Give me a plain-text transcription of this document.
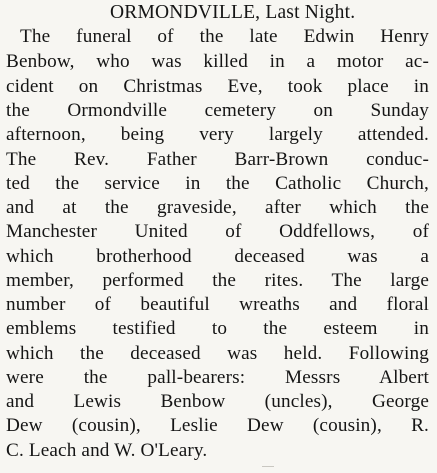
ORMONDVILLE, Last Night.
The funeral of the late Edwin Henry
Benbow, who was killed in a motor ac-
cident on Christmas Eve, took place in
the Ormondville cemetery on Sunday
afternoon, being very largely attended.
The Rev. Father Barr-Brown conduc-
ted the service in the Catholic Church,
and at the graveside, after which the
Manchester United of Oddfellows, of
which brotherhood deceased was a
member, performed the rites. The large
number of beautiful wreaths and floral
emblems testified to the esteem in
which the deceased was held. Following
were the pall-bearers: Messrs Albert
and Lewis Benbow (uncles), George
Dew (cousin), Leslie Dew (cousin), R.
C. Leach and W. O'Leary.
